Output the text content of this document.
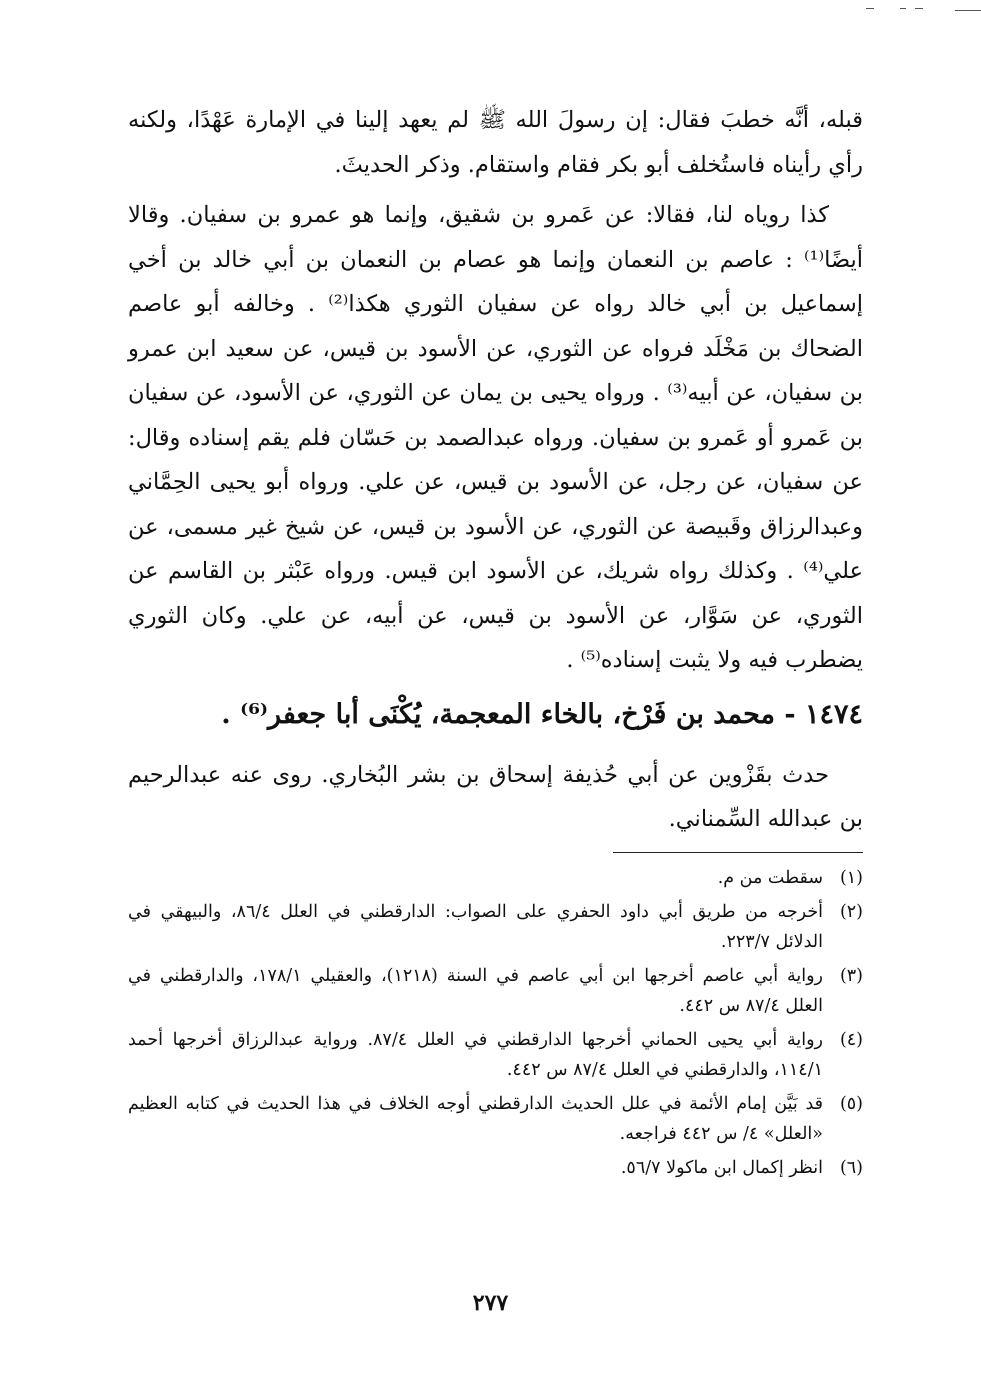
قبله، أنَّه خطبَ فقال: إن رسولَ الله ﷺ لم يعهد إلينا في الإمارة عَهْدًا، ولكنه رأي رأيناه فاستُخلف أبو بكر فقام واستقام. وذكر الحديثَ.

كذا روياه لنا، فقالا: عن عَمرو بن شقيق، وإنما هو عمرو بن سفيان. وقالا أيضًا⁽¹⁾ : عاصم بن النعمان وإنما هو عصام بن النعمان بن أبي خالد بن أخي إسماعيل بن أبي خالد رواه عن سفيان الثوري هكذا⁽²⁾ . وخالفه أبو عاصم الضحاك بن مَخْلَد فرواه عن الثوري، عن الأسود بن قيس، عن سعيد ابن عمرو بن سفيان، عن أبيه⁽³⁾ . ورواه يحيى بن يمان عن الثوري، عن الأسود، عن سفيان بن عَمرو أو عَمرو بن سفيان. ورواه عبدالصمد بن حَسّان فلم يقم إسناده وقال: عن سفيان، عن رجل، عن الأسود بن قيس، عن علي. ورواه أبو يحيى الحِمَّاني وعبدالرزاق وقَبيصة عن الثوري، عن الأسود بن قيس، عن شيخ غير مسمى، عن علي⁽⁴⁾ . وكذلك رواه شريك، عن الأسود ابن قيس. ورواه عَبْثر بن القاسم عن الثوري، عن سَوَّار، عن الأسود بن قيس، عن أبيه، عن علي. وكان الثوري يضطرب فيه ولا يثبت إسناده⁽⁵⁾ .

١٤٧٤ - محمد بن فَرْخ، بالخاء المعجمة، يُكْنَى أبا جعفر⁽⁶⁾ .

حدث بقَزْوين عن أبي حُذيفة إسحاق بن بشر البُخاري. روى عنه عبدالرحيم بن عبدالله السِّمناني.

(١)
سقطت من م.
(٢)
أخرجه من طريق أبي داود الحفري على الصواب: الدارقطني في العلل ٨٦/٤، والبيهقي في الدلائل ٢٢٣/٧.
(٣)
رواية أبي عاصم أخرجها ابن أبي عاصم في السنة (١٢١٨)، والعقيلي ١٧٨/١، والدارقطني في العلل ٨٧/٤ س ٤٤٢.
(٤)
رواية أبي يحيى الحماني أخرجها الدارقطني في العلل ٨٧/٤. ورواية عبدالرزاق أخرجها أحمد ١١٤/١، والدارقطني في العلل ٨٧/٤ س ٤٤٢.
(٥)
قد بَيَّن إمام الأئمة في علل الحديث الدارقطني أوجه الخلاف في هذا الحديث في كتابه العظيم «العلل» ٤/ س ٤٤٢ فراجعه.
(٦)
انظر إكمال ابن ماكولا ٥٦/٧.
٢٧٧
